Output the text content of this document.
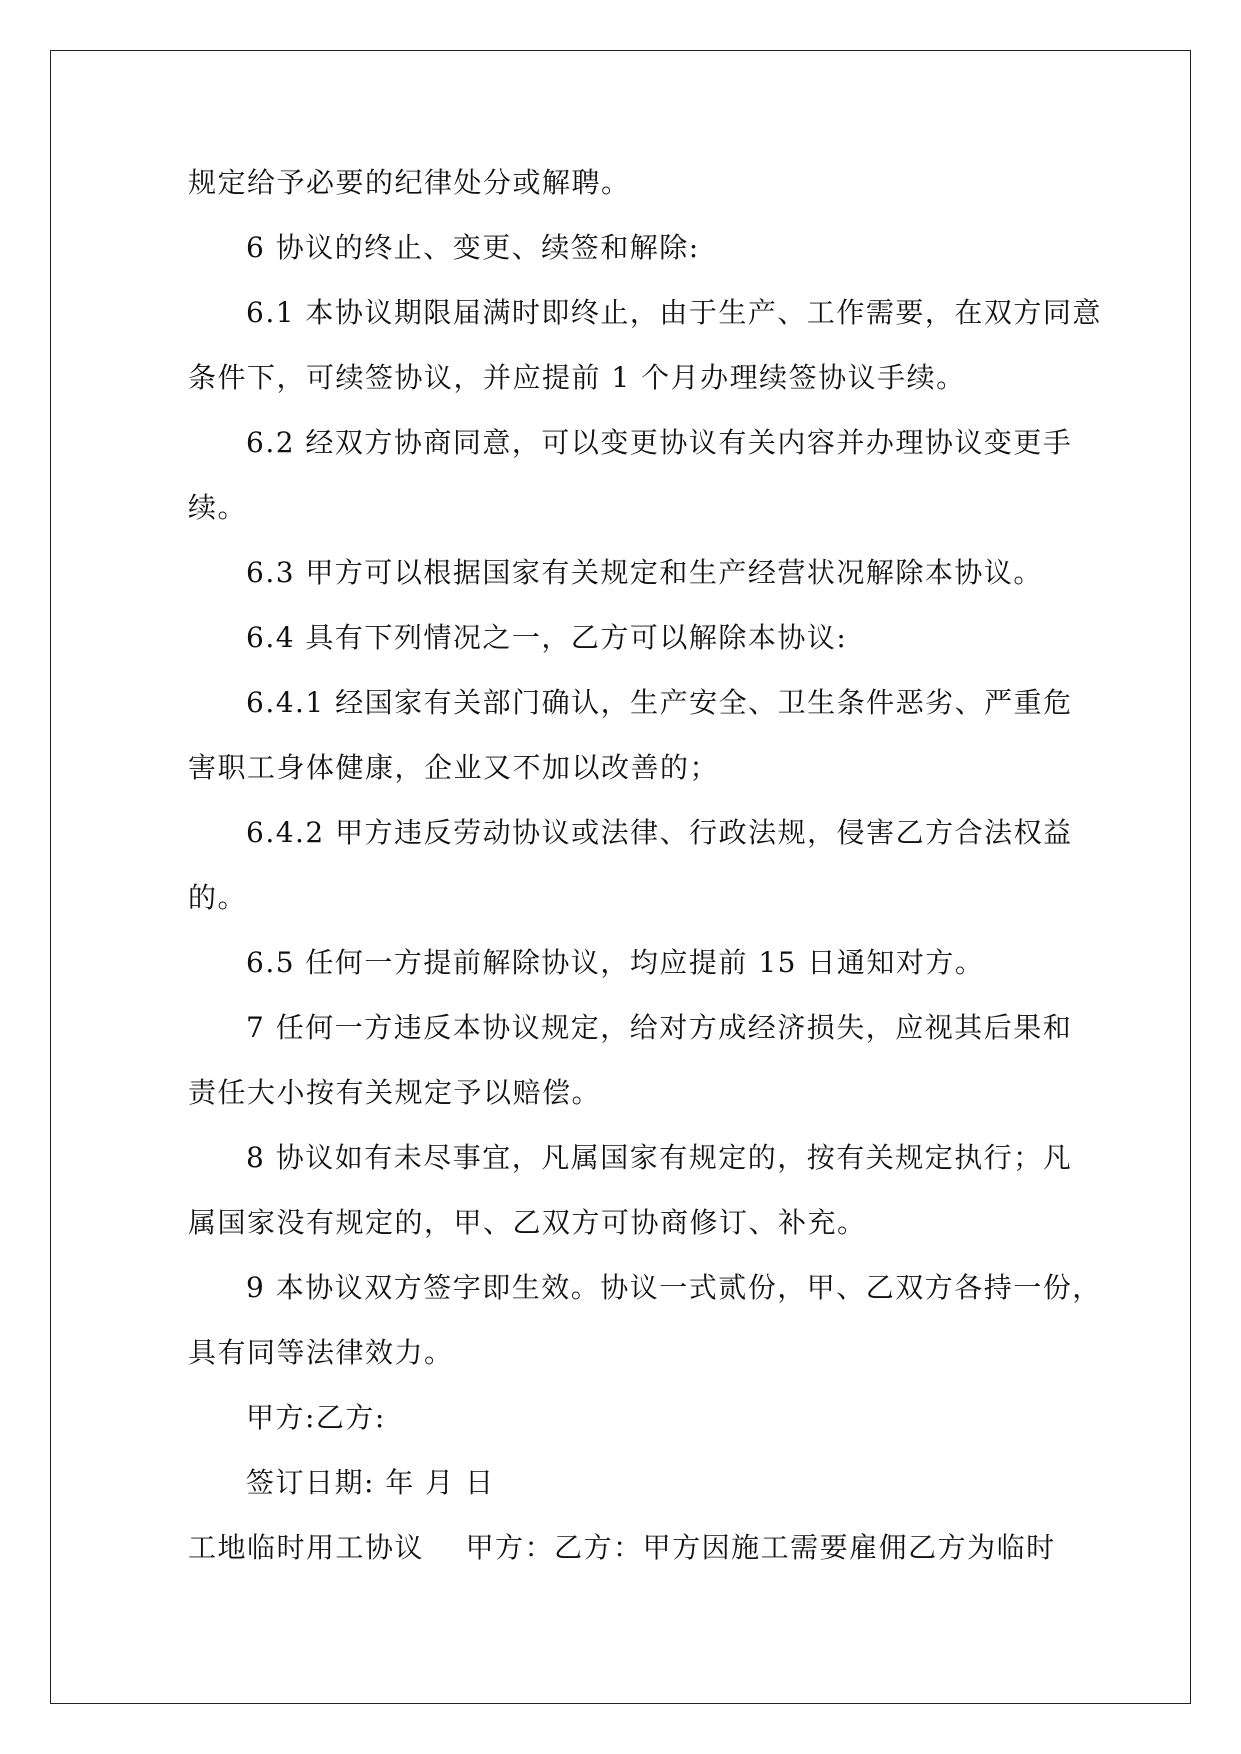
规定给予必要的纪律处分或解聘。
6 协议的终止、变更、续签和解除:
6.1 本协议期限届满时即终止，由于生产、工作需要，在双方同意
条件下，可续签协议，并应提前 1 个月办理续签协议手续。
6.2 经双方协商同意，可以变更协议有关内容并办理协议变更手
续。
6.3 甲方可以根据国家有关规定和生产经营状况解除本协议。
6.4 具有下列情况之一，乙方可以解除本协议:
6.4.1 经国家有关部门确认，生产安全、卫生条件恶劣、严重危
害职工身体健康，企业又不加以改善的；
6.4.2 甲方违反劳动协议或法律、行政法规，侵害乙方合法权益
的。
6.5 任何一方提前解除协议，均应提前 15 日通知对方。
7 任何一方违反本协议规定，给对方成经济损失，应视其后果和
责任大小按有关规定予以赔偿。
8 协议如有未尽事宜，凡属国家有规定的，按有关规定执行；凡
属国家没有规定的，甲、乙双方可协商修订、补充。
9 本协议双方签字即生效。协议一式贰份，甲、乙双方各持一份，
具有同等法律效力。
甲方:乙方:
签订日期: 年 月 日
工地临时用工协议    甲方：乙方：甲方因施工需要雇佣乙方为临时
